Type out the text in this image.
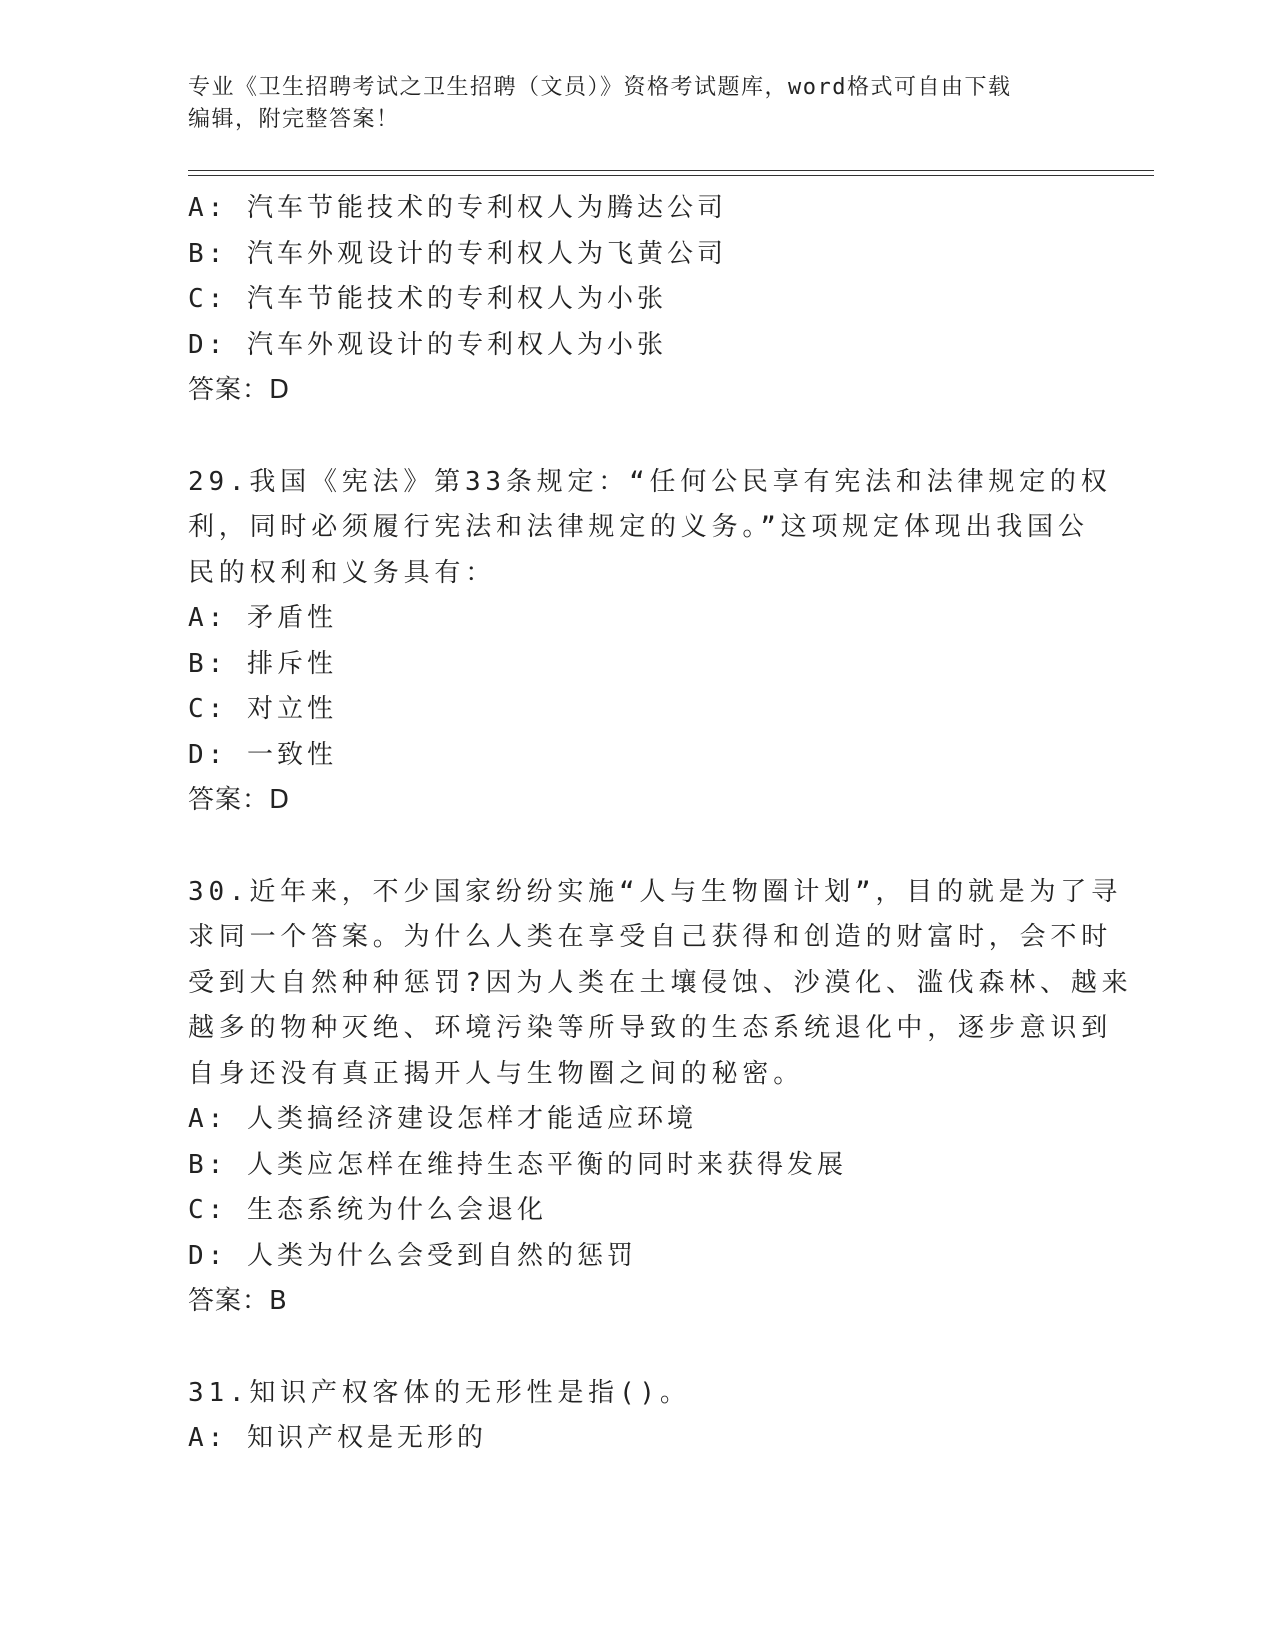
专业《卫生招聘考试之卫生招聘（文员）》资格考试题库，word格式可自由下载
编辑，附完整答案！
A: 汽车节能技术的专利权人为腾达公司
B: 汽车外观设计的专利权人为飞黄公司
C: 汽车节能技术的专利权人为小张
D: 汽车外观设计的专利权人为小张
答案：D
29.我国《宪法》第33条规定：“任何公民享有宪法和法律规定的权
利，同时必须履行宪法和法律规定的义务。”这项规定体现出我国公
民的权利和义务具有：
A: 矛盾性
B: 排斥性
C: 对立性
D: 一致性
答案：D
30.近年来，不少国家纷纷实施“人与生物圈计划”，目的就是为了寻
求同一个答案。为什么人类在享受自己获得和创造的财富时，会不时
受到大自然种种惩罚?因为人类在土壤侵蚀、沙漠化、滥伐森林、越来
越多的物种灭绝、环境污染等所导致的生态系统退化中，逐步意识到
自身还没有真正揭开人与生物圈之间的秘密。
A: 人类搞经济建设怎样才能适应环境
B: 人类应怎样在维持生态平衡的同时来获得发展
C: 生态系统为什么会退化
D: 人类为什么会受到自然的惩罚
答案：B
31.知识产权客体的无形性是指()。
A: 知识产权是无形的
